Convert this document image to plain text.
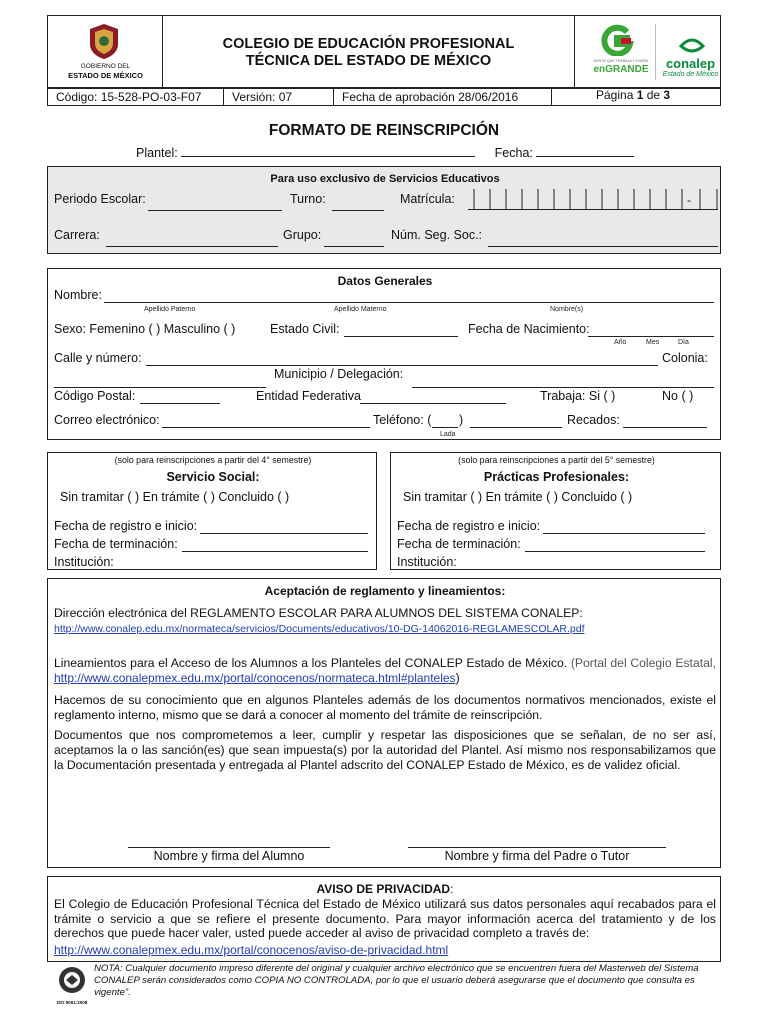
GOBIERNO DEL
ESTADO DE MÉXICO
COLEGIO DE EDUCACIÓN PROFESIONAL
TÉCNICA DEL ESTADO DE MÉXICO	GENTE QUE TRABAJA Y LOGRA
enGRANDE	conalep
Estado de México
Código: 15-528-PO-03-F07	Versión: 07	Fecha de aprobación 28/06/2016	Página 1 de 3
FORMATO DE REINSCRIPCIÓN
Plantel:	Fecha:
Para uso exclusivo de Servicios Educativos
Periodo Escolar:	Turno:	Matrícula:	-
Carrera:	Grupo:	Núm. Seg. Soc.:
Datos Generales
Nombre:
Apellido Paterno	Apellido Materno	Nombre(s)
Sexo: Femenino ( ) Masculino ( )	Estado Civil:	Fecha de Nacimiento:
Año	Mes	Día
Calle y número:	Colonia:
Municipio / Delegación:
Código Postal:	Entidad Federativa	Trabaja: Si ( )	No ( )
Correo electrónico:	Teléfono: ( )	Recados:
Lada
(solo para reinscripciones a partir del 4° semestre)
Servicio Social:
Sin tramitar ( ) En trámite ( ) Concluido ( )
Fecha de registro e inicio:
Fecha de terminación:
Institución:
(solo para reinscripciones a partir del 5° semestre)
Prácticas Profesionales:
Sin tramitar ( ) En trámite ( ) Concluido ( )
Fecha de registro e inicio:
Fecha de terminación:
Institución:
Aceptación de reglamento y lineamientos:
Dirección electrónica del REGLAMENTO ESCOLAR PARA ALUMNOS DEL SISTEMA CONALEP:
http://www.conalep.edu.mx/normateca/servicios/Documents/educativos/10-DG-14062016-REGLAMESCOLAR.pdf
Lineamientos para el Acceso de los Alumnos a los Planteles del CONALEP Estado de México. (Portal del Colegio Estatal, http://www.conalepmex.edu.mx/portal/conocenos/normateca.html#planteles)
Hacemos de su conocimiento que en algunos Planteles además de los documentos normativos mencionados, existe el reglamento interno, mismo que se dará a conocer al momento del trámite de reinscripción.
Documentos que nos comprometemos a leer, cumplir y respetar las disposiciones que se señalan, de no ser así, aceptamos la o las sanción(es) que sean impuesta(s) por la autoridad del Plantel. Así mismo nos responsabilizamos que la Documentación presentada y entregada al Plantel adscrito del CONALEP Estado de México, es de validez oficial.
Nombre y firma del Alumno	Nombre y firma del Padre o Tutor
AVISO DE PRIVACIDAD:
El Colegio de Educación Profesional Técnica del Estado de México utilizará sus datos personales aquí recabados para el trámite o servicio a que se refiere el presente documento. Para mayor información acerca del tratamiento y de los derechos que puede hacer valer, usted puede acceder al aviso de privacidad completo a través de:
http://www.conalepmex.edu.mx/portal/conocenos/aviso-de-privacidad.html
ISO 9001:2008
NOTA: Cualquier documento impreso diferente del original y cualquier archivo electrónico que se encuentren fuera del Masterweb del Sistema CONALEP serán considerados como COPIA NO CONTROLADA, por lo que el usuario deberá asegurarse que el documento que consulta es vigente”.
